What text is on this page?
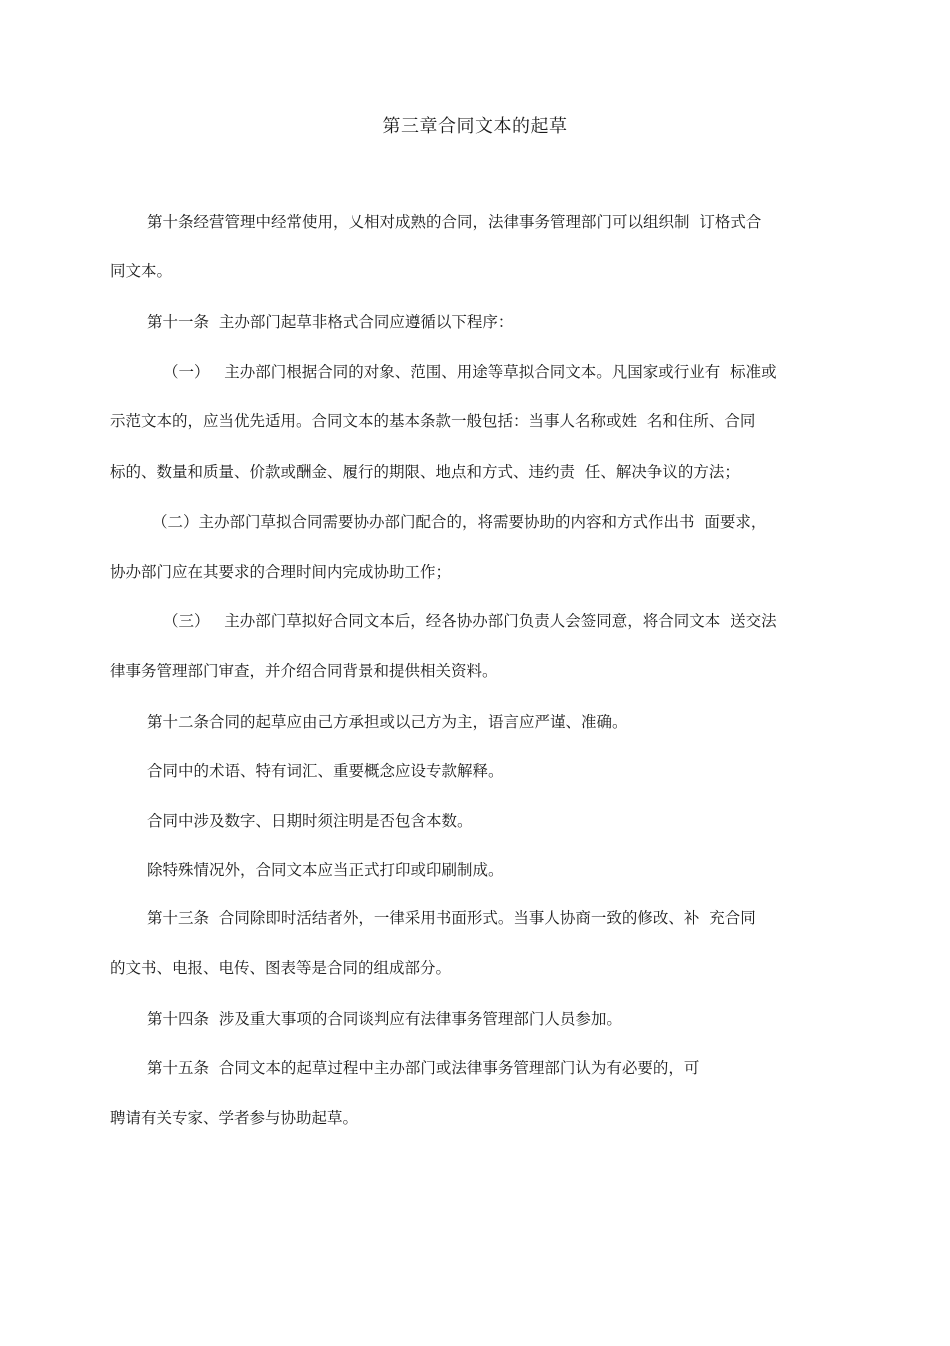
第三章合同文本的起草
第十条经营管理中经常使用，乂相对成熟的合同，法律事务管理部门可以组织制  订格式合
同文本。
第十一条  主办部门起草非格式合同应遵循以下程序：
（一）   主办部门根据合同的对象、范围、用途等草拟合同文本。凡国家或行业有  标准或
示范文本的，应当优先适用。合同文本的基本条款一般包括：当事人名称或姓  名和住所、合同
标的、数量和质量、价款或酬金、履行的期限、地点和方式、违约责  任、解决争议的方法；
（二）主办部门草拟合同需要协办部门配合的，将需要协助的内容和方式作出书  面要求，
协办部门应在其要求的合理时间内完成协助工作；
（三）   主办部门草拟好合同文本后，经各协办部门负责人会签同意，将合同文本  送交法
律事务管理部门审查，并介绍合同背景和提供相关资料。
第十二条合同的起草应由己方承担或以己方为主，语言应严谨、准确。
合同中的术语、特有词汇、重要概念应设专款解释。
合同中涉及数字、日期时须注明是否包含本数。
除特殊情况外，合同文本应当正式打印或印刷制成。
第十三条  合同除即时活结者外，一律采用书面形式。当事人协商一致的修改、补  充合同
的文书、电报、电传、图表等是合同的组成部分。
第十四条  涉及重大事项的合同谈判应有法律事务管理部门人员参加。
第十五条  合同文本的起草过程中主办部门或法律事务管理部门认为有必要的，可
聘请有关专家、学者参与协助起草。
